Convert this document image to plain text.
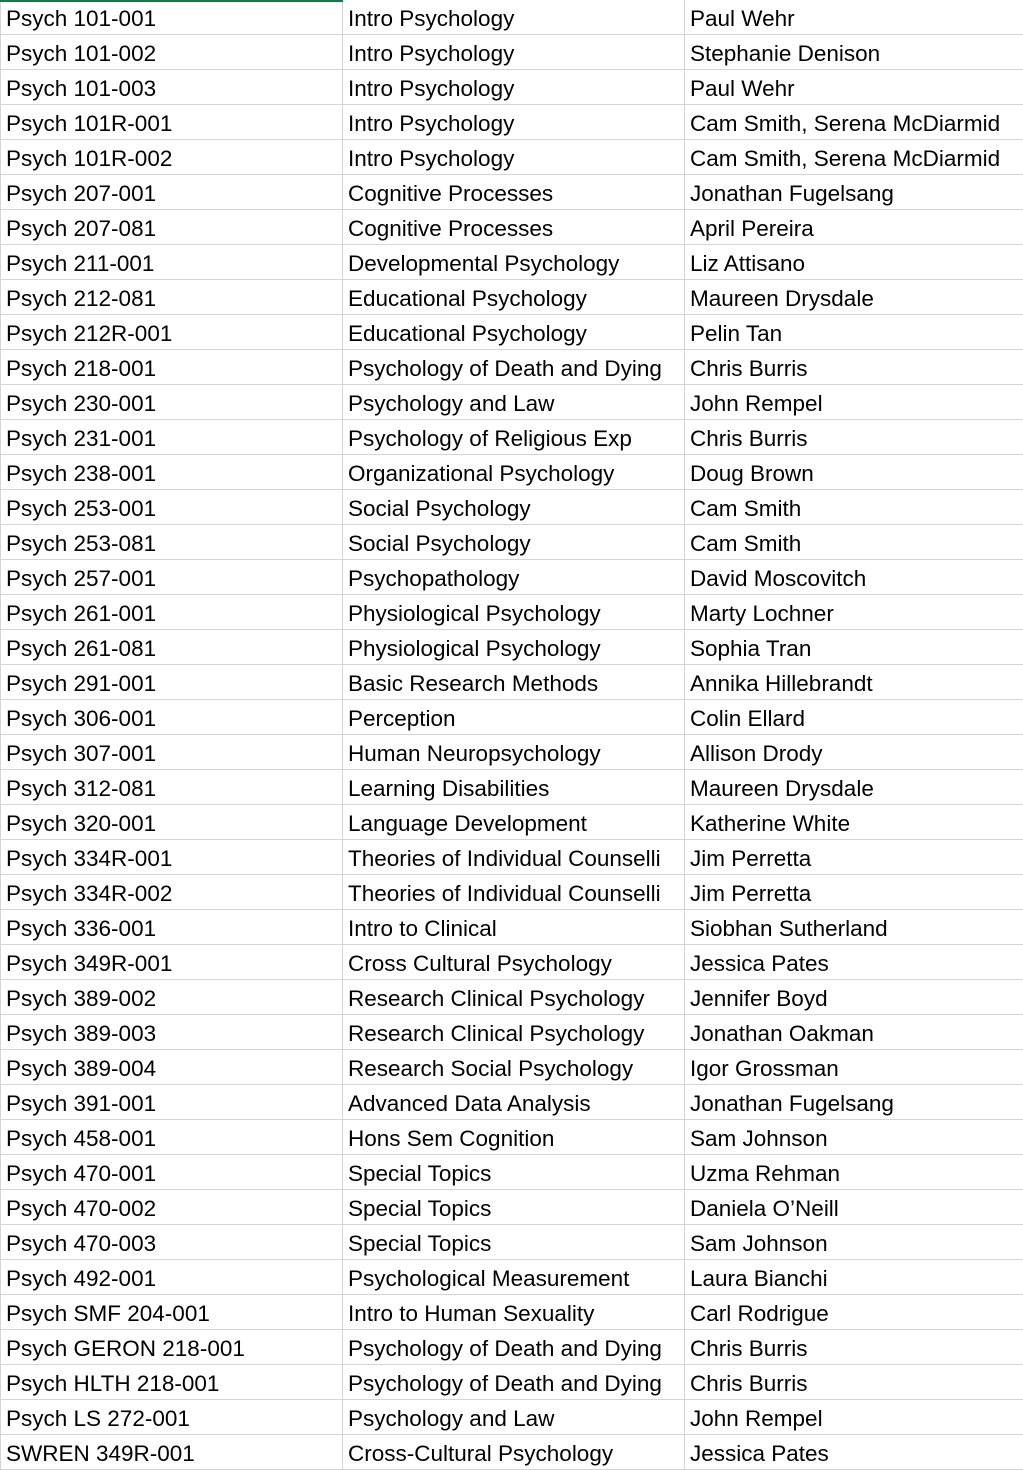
Psych 101-001	Intro Psychology	Paul Wehr
Psych 101-002	Intro Psychology	Stephanie Denison
Psych 101-003	Intro Psychology	Paul Wehr
Psych 101R-001	Intro Psychology	Cam Smith, Serena McDiarmid
Psych 101R-002	Intro Psychology	Cam Smith, Serena McDiarmid
Psych 207-001	Cognitive Processes	Jonathan Fugelsang
Psych 207-081	Cognitive Processes	April Pereira
Psych 211-001	Developmental Psychology	Liz Attisano
Psych 212-081	Educational Psychology	Maureen Drysdale
Psych 212R-001	Educational Psychology	Pelin Tan
Psych 218-001	Psychology of Death and Dying	Chris Burris
Psych 230-001	Psychology and Law	John Rempel
Psych 231-001	Psychology of Religious Exp	Chris Burris
Psych 238-001	Organizational Psychology	Doug Brown
Psych 253-001	Social Psychology	Cam Smith
Psych 253-081	Social Psychology	Cam Smith
Psych 257-001	Psychopathology	David Moscovitch
Psych 261-001	Physiological Psychology	Marty Lochner
Psych 261-081	Physiological Psychology	Sophia Tran
Psych 291-001	Basic Research Methods	Annika Hillebrandt
Psych 306-001	Perception	Colin Ellard
Psych 307-001	Human Neuropsychology	Allison Drody
Psych 312-081	Learning Disabilities	Maureen Drysdale
Psych 320-001	Language Development	Katherine White
Psych 334R-001	Theories of Individual Counselli	Jim Perretta
Psych 334R-002	Theories of Individual Counselli	Jim Perretta
Psych 336-001	Intro to Clinical	Siobhan Sutherland
Psych 349R-001	Cross Cultural Psychology	Jessica Pates
Psych 389-002	Research Clinical Psychology	Jennifer Boyd
Psych 389-003	Research Clinical Psychology	Jonathan Oakman
Psych 389-004	Research Social Psychology	Igor Grossman
Psych 391-001	Advanced Data Analysis	Jonathan Fugelsang
Psych 458-001	Hons Sem Cognition	Sam Johnson
Psych 470-001	Special Topics	Uzma Rehman
Psych 470-002	Special Topics	Daniela O’Neill
Psych 470-003	Special Topics	Sam Johnson
Psych 492-001	Psychological Measurement	Laura Bianchi
Psych SMF 204-001	Intro to Human Sexuality	Carl Rodrigue
Psych GERON 218-001	Psychology of Death and Dying	Chris Burris
Psych HLTH 218-001	Psychology of Death and Dying	Chris Burris
Psych LS 272-001	Psychology and Law	John Rempel
SWREN 349R-001	Cross-Cultural Psychology	Jessica Pates
